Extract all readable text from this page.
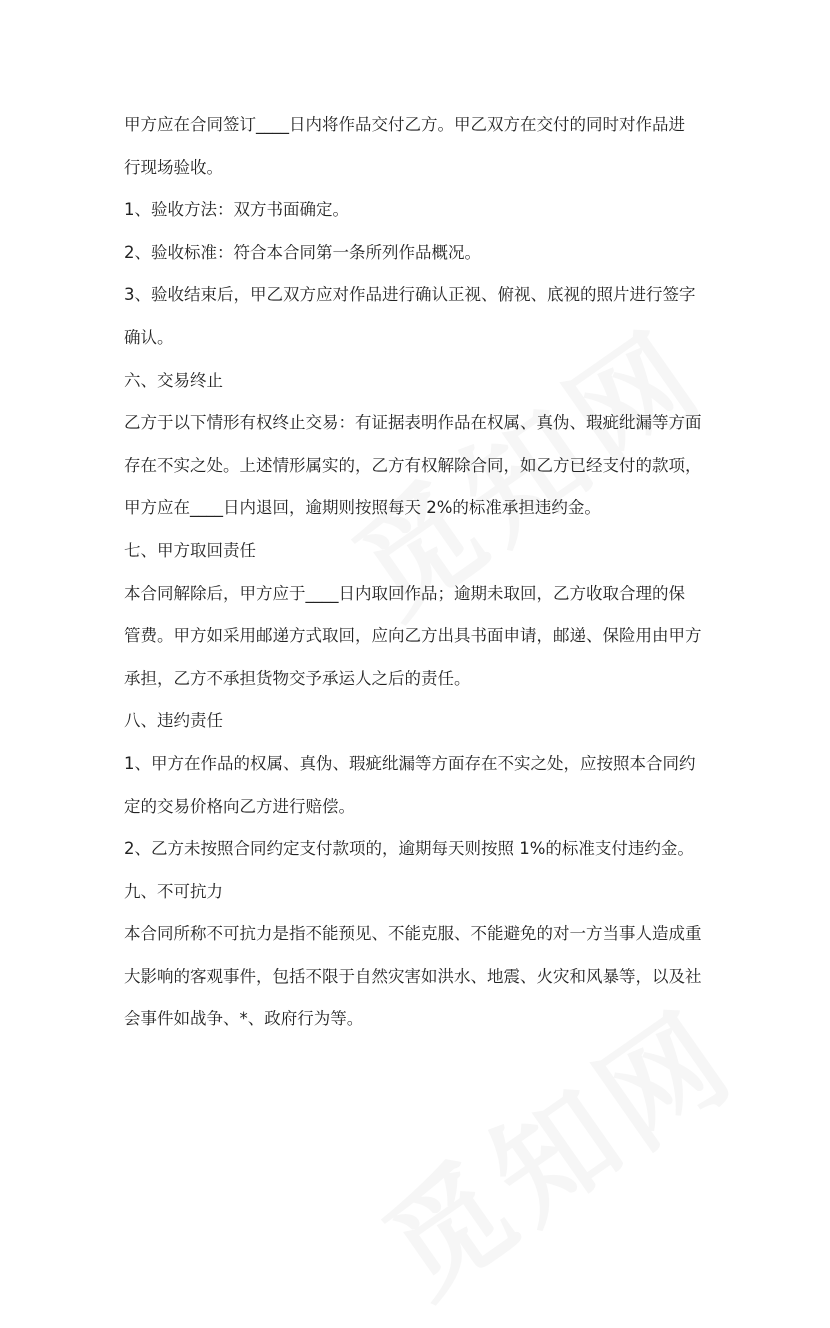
甲方应在合同签订____日内将作品交付乙方。甲乙双方在交付的同时对作品进
行现场验收。
1、验收方法：双方书面确定。
2、验收标准：符合本合同第一条所列作品概况。
3、验收结束后，甲乙双方应对作品进行确认正视、俯视、底视的照片进行签字
确认。
六、交易终止
乙方于以下情形有权终止交易：有证据表明作品在权属、真伪、瑕疵纰漏等方面
存在不实之处。上述情形属实的，乙方有权解除合同，如乙方已经支付的款项，
甲方应在____日内退回，逾期则按照每天 2%的标准承担违约金。
七、甲方取回责任
本合同解除后，甲方应于____日内取回作品；逾期未取回，乙方收取合理的保
管费。甲方如采用邮递方式取回，应向乙方出具书面申请，邮递、保险用由甲方
承担，乙方不承担货物交予承运人之后的责任。
八、违约责任
1、甲方在作品的权属、真伪、瑕疵纰漏等方面存在不实之处，应按照本合同约
定的交易价格向乙方进行赔偿。
2、乙方未按照合同约定支付款项的，逾期每天则按照 1%的标准支付违约金。
九、不可抗力
本合同所称不可抗力是指不能预见、不能克服、不能避免的对一方当事人造成重
大影响的客观事件，包括不限于自然灾害如洪水、地震、火灾和风暴等，以及社
会事件如战争、*、政府行为等。
